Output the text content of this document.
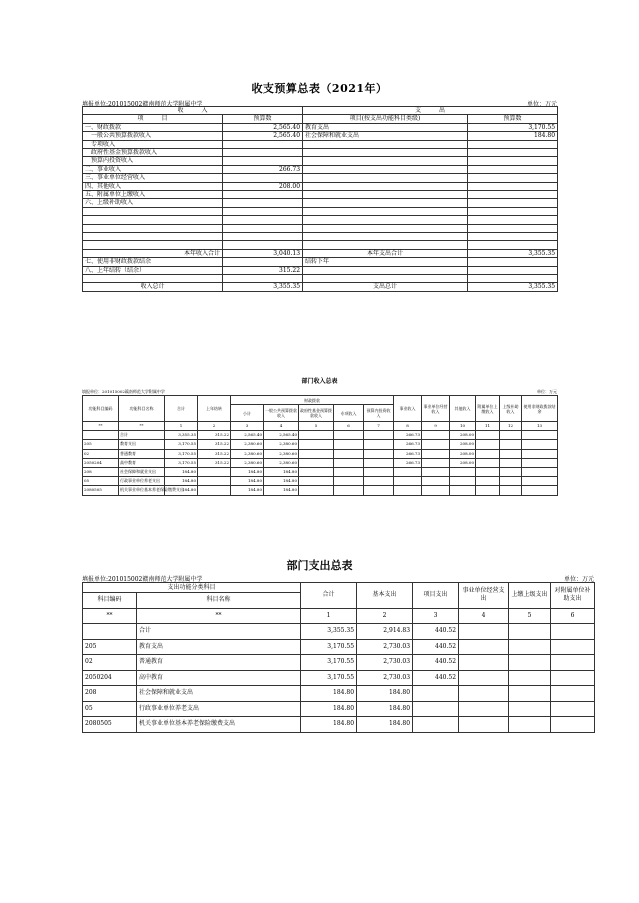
收支预算总表（2021年）
填报单位:201015002赣南师范大学附属中学	单位：万元
收　　　入		支　　　出	
项　　　目	预算数	项目(按支出功能科目类级)	预算数
一、财政拨款	2,565.40	教育支出	3,170.55
　一般公共预算拨款收入	2,565.40	社会保障和就业支出	184.80
　专项收入			
　政府性基金预算拨款收入			
　预算内投资收入			
二、事业收入	266.73		
三、事业单位经营收入			
四、其他收入	208.00		
五、附属单位上缴收入			
六、上级补助收入			

本年收入合计	3,040.13	本年支出合计	3,355.35
七、使用非财政拨款结余		结转下年	
八、上年结转（结余）	315.22		

收入总计	3,355.35	支出总计	3,355.35
部门收入总表
填报单位：201015002赣南师范大学附属中学	单位：万元
功能科目编码	功能科目名称	合计	上年结转	财政拨款					事业收入	事业单位经营收入	其他收入	附属单位上缴收入	上级补助收入	使用非财政拨款结余
				小计	一般公共预算拨款收入	政府性基金预算拨款收入	专项收入	预算内投资收入						
**	**	1	2	3	4	5	6	7	8	9	10	11	12	13
	合计	3,355.35	315.22	2,565.40	2,565.40				266.73		208.00			
205	教育支出	3,170.55	315.22	2,380.60	2,380.60				266.73		208.00			
02	普通教育	3,170.55	315.22	2,380.60	2,380.60				266.73		208.00			
2050204	高中教育	3,170.55	315.22	2,380.60	2,380.60				266.73		208.00			
208	社会保障和就业支出	184.80		184.80	184.80									
05	行政事业单位养老支出	184.80		184.80	184.80									
2080505	机关事业单位基本养老保险缴费支出	184.80		184.80	184.80									
部门支出总表
填报单位:201015002赣南师范大学附属中学	单位：万元
支出功能分类科目		合计	基本支出	项目支出	事业单位经营支出	上缴上级支出	对附属单位补助支出
科目编码	科目名称						
**	**	1	2	3	4	5	6
	合计	3,355.35	2,914.83	440.52			
205	教育支出	3,170.55	2,730.03	440.52			
02	普通教育	3,170.55	2,730.03	440.52			
2050204	高中教育	3,170.55	2,730.03	440.52			
208	社会保障和就业支出	184.80	184.80				
05	行政事业单位养老支出	184.80	184.80				
2080505	机关事业单位基本养老保险缴费支出	184.80	184.80				
